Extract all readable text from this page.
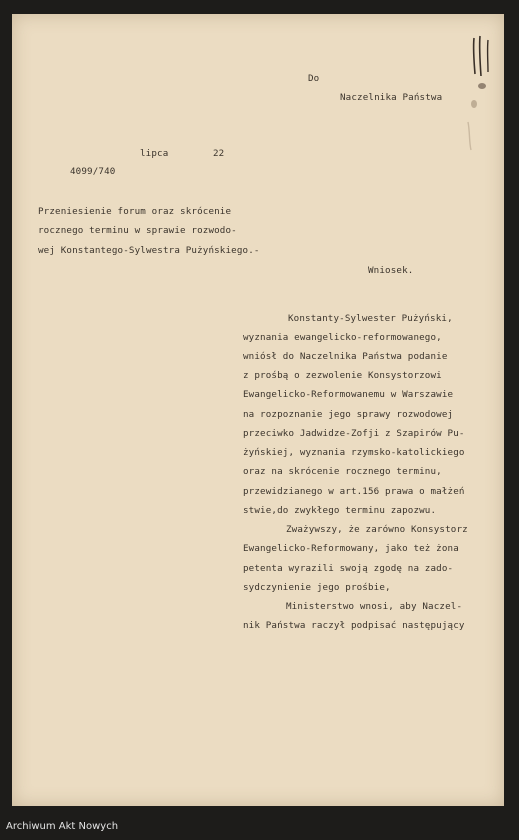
Do

Naczelnika Państwa

lipca	22

4099/740

Przeniesienie forum oraz skrócenie

rocznego terminu w sprawie rozwodo-

wej Konstantego-Sylwestra Pużyńskiego.-

Wniosek.

Konstanty-Sylwester Pużyński,

wyznania ewangelicko-reformowanego,

wniósł do Naczelnika Państwa podanie

z prośbą o zezwolenie Konsystorzowi

Ewangelicko-Reformowanemu w Warszawie

na rozpoznanie jego sprawy rozwodowej

przeciwko Jadwidze-Zofji z Szapirów Pu-

żyńskiej, wyznania rzymsko-katolickiego

oraz na skrócenie rocznego terminu,

przewidzianego w art.156 prawa o małżeń

stwie,do zwykłego terminu zapozwu.

Zważywszy, że zarówno Konsystorz

Ewangelicko-Reformowany, jako też żona

petenta wyrazili swoją zgodę na zado-

sydczynienie jego prośbie,

Ministerstwo wnosi, aby Naczel-

nik Państwa raczył podpisać następujący

Archiwum Akt Nowych
